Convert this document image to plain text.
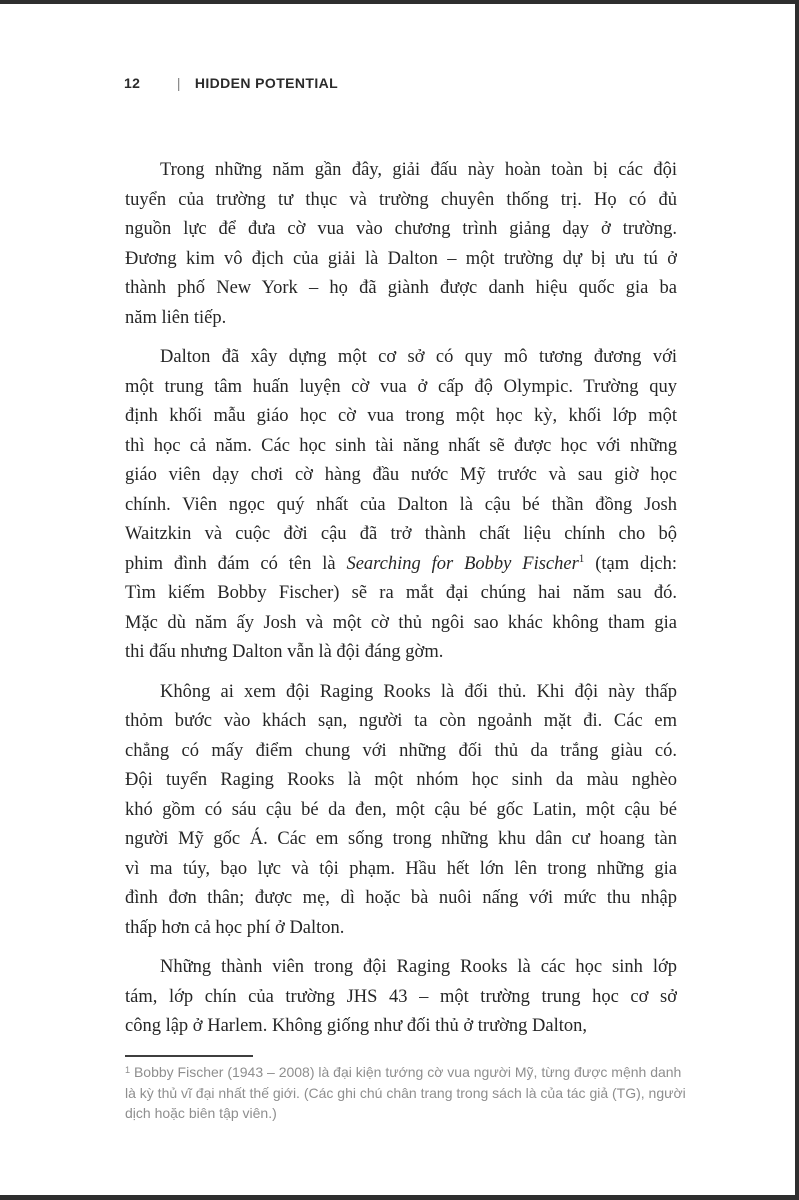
12	| HIDDEN POTENTIAL
Trong những năm gần đây, giải đấu này hoàn toàn bị các đội
tuyển của trường tư thục và trường chuyên thống trị. Họ có đủ
nguồn lực để đưa cờ vua vào chương trình giảng dạy ở trường.
Đương kim vô địch của giải là Dalton – một trường dự bị ưu tú ở
thành phố New York – họ đã giành được danh hiệu quốc gia ba
năm liên tiếp.
Dalton đã xây dựng một cơ sở có quy mô tương đương với
một trung tâm huấn luyện cờ vua ở cấp độ Olympic. Trường quy
định khối mẫu giáo học cờ vua trong một học kỳ, khối lớp một
thì học cả năm. Các học sinh tài năng nhất sẽ được học với những
giáo viên dạy chơi cờ hàng đầu nước Mỹ trước và sau giờ học
chính. Viên ngọc quý nhất của Dalton là cậu bé thần đồng Josh
Waitzkin và cuộc đời cậu đã trở thành chất liệu chính cho bộ
phim đình đám có tên là Searching for Bobby Fischer$^1$ (tạm dịch:
Tìm kiếm Bobby Fischer) sẽ ra mắt đại chúng hai năm sau đó.
Mặc dù năm ấy Josh và một cờ thủ ngôi sao khác không tham gia
thi đấu nhưng Dalton vẫn là đội đáng gờm.
Không ai xem đội Raging Rooks là đối thủ. Khi đội này thấp
thỏm bước vào khách sạn, người ta còn ngoảnh mặt đi. Các em
chẳng có mấy điểm chung với những đối thủ da trắng giàu có.
Đội tuyển Raging Rooks là một nhóm học sinh da màu nghèo
khó gồm có sáu cậu bé da đen, một cậu bé gốc Latin, một cậu bé
người Mỹ gốc Á. Các em sống trong những khu dân cư hoang tàn
vì ma túy, bạo lực và tội phạm. Hầu hết lớn lên trong những gia
đình đơn thân; được mẹ, dì hoặc bà nuôi nấng với mức thu nhập
thấp hơn cả học phí ở Dalton.
Những thành viên trong đội Raging Rooks là các học sinh lớp
tám, lớp chín của trường JHS 43 – một trường trung học cơ sở
công lập ở Harlem. Không giống như đối thủ ở trường Dalton,
$^1$ Bobby Fischer (1943 – 2008) là đại kiện tướng cờ vua người Mỹ, từng được mệnh danh
là kỳ thủ vĩ đại nhất thế giới. (Các ghi chú chân trang trong sách là của tác giả (TG), người
dịch hoặc biên tập viên.)
